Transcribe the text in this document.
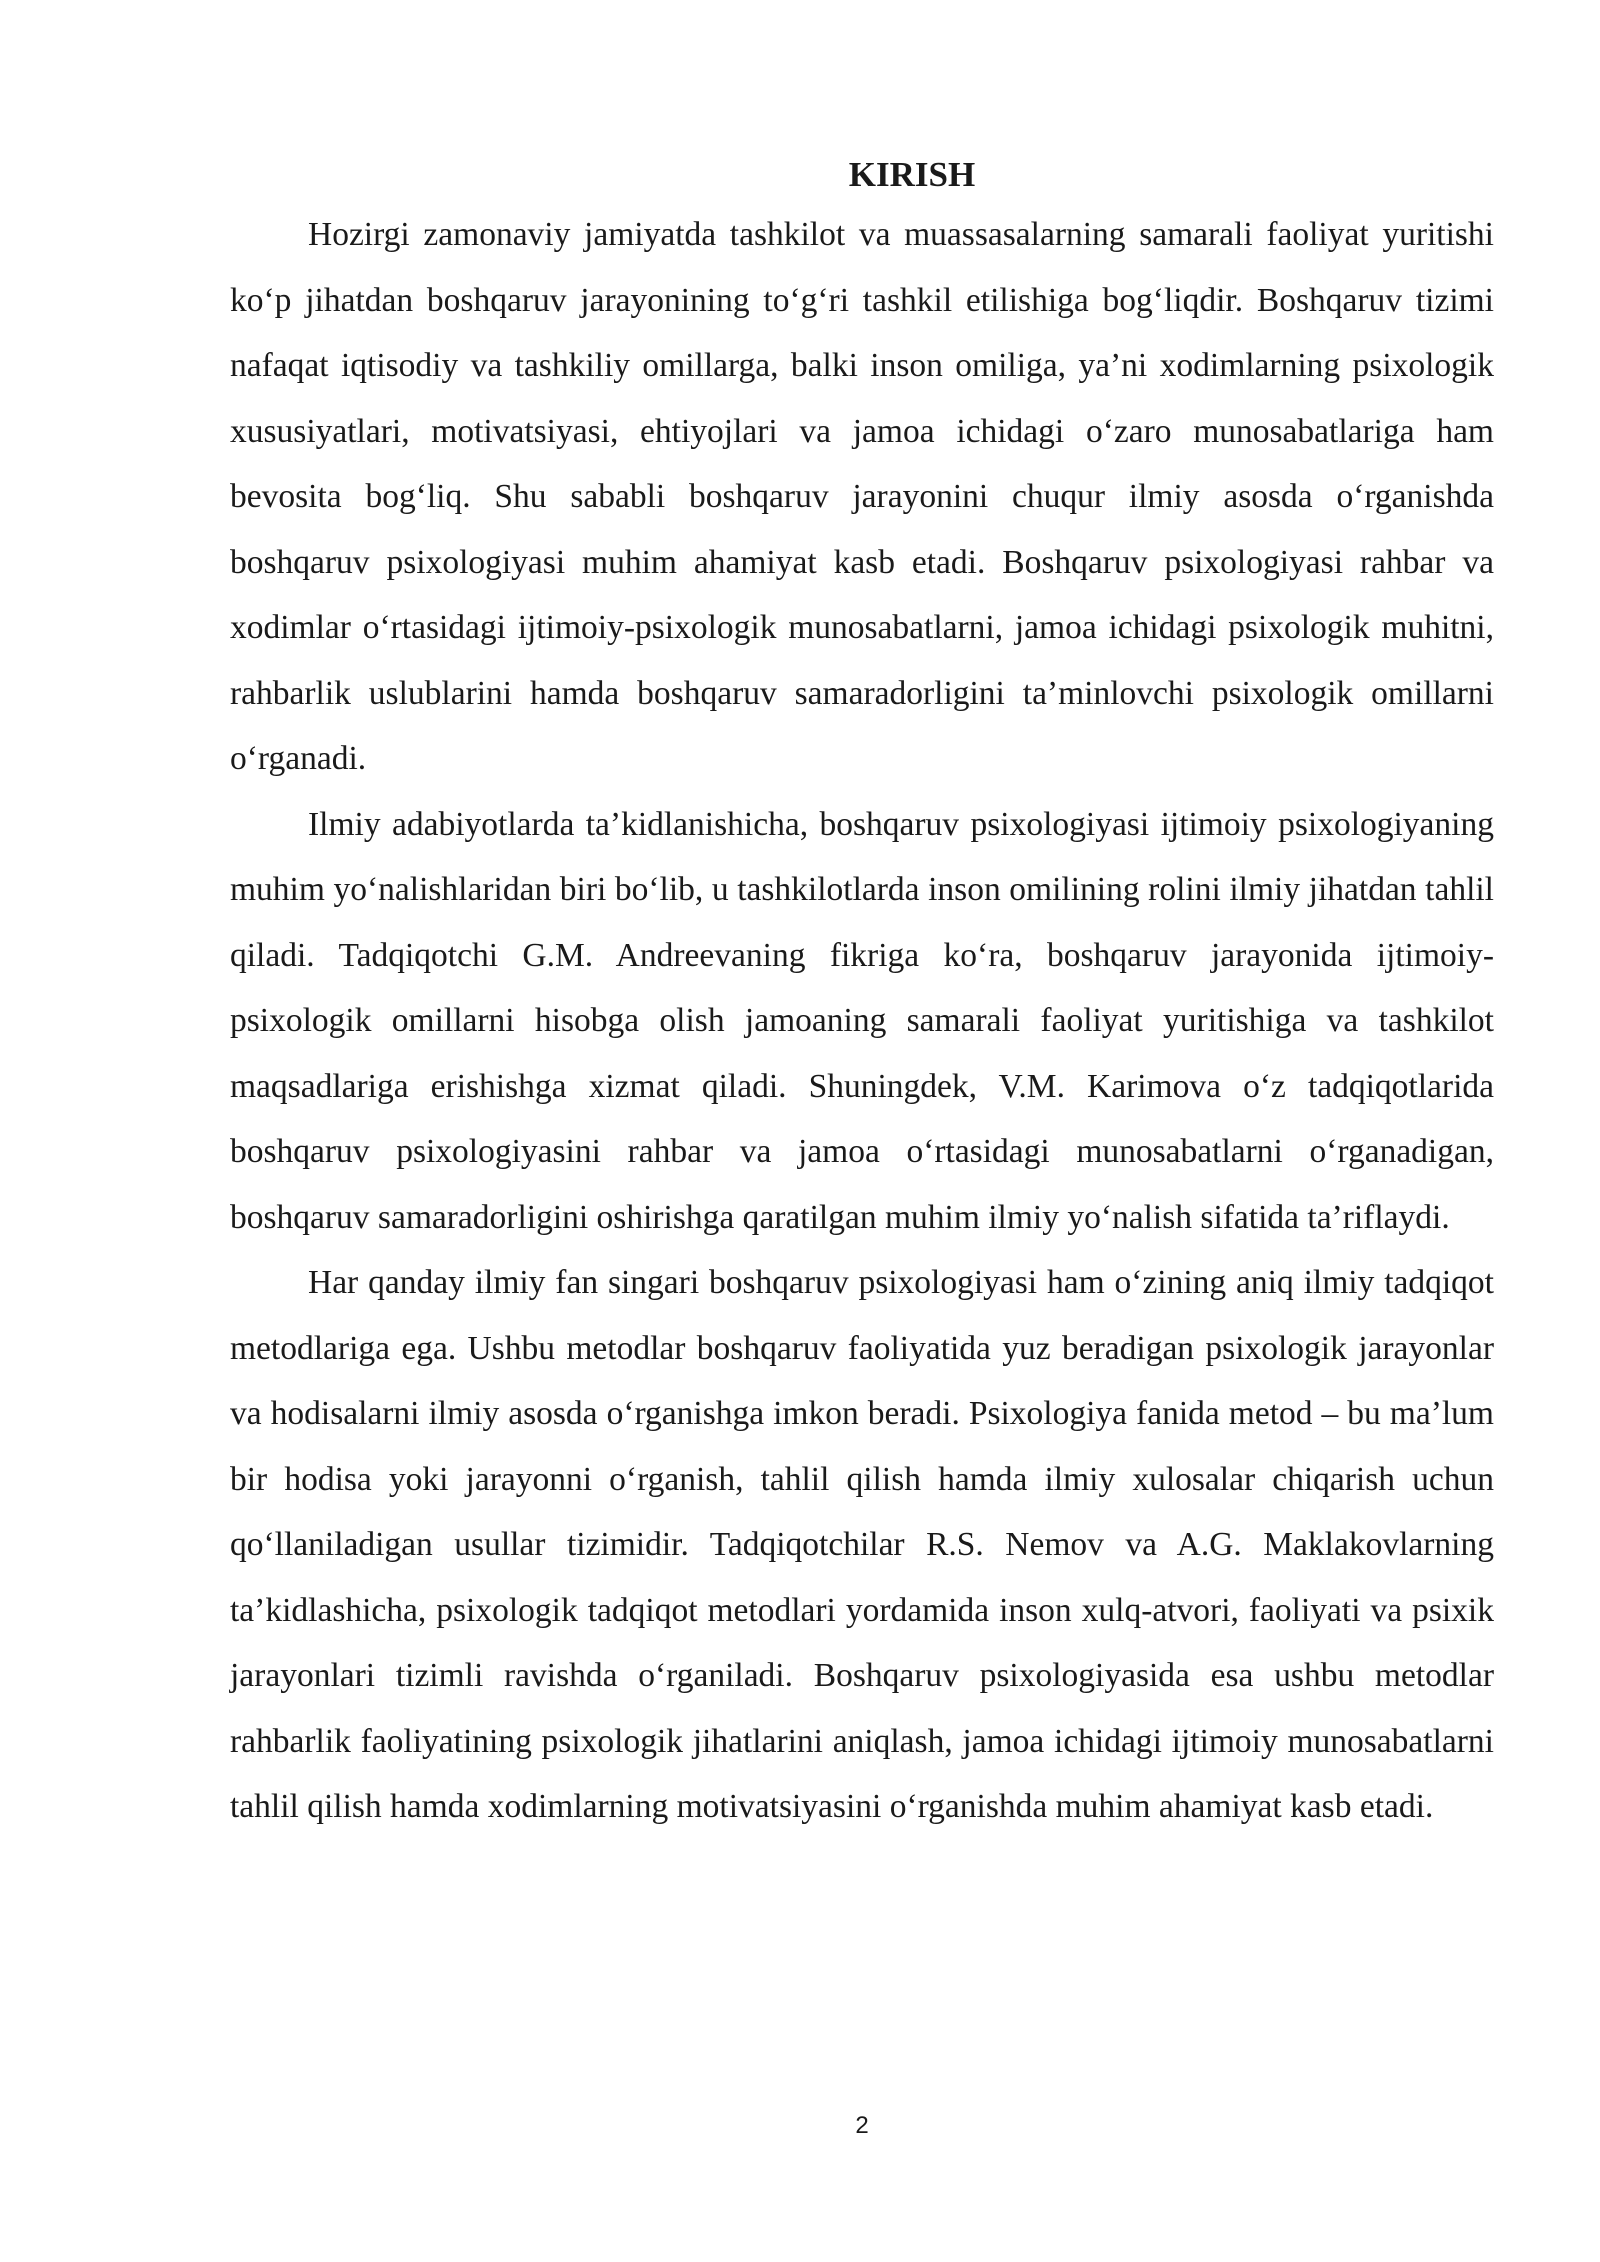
KIRISH

Hozirgi zamonaviy jamiyatda tashkilot va muassasalarning samarali faoliyat yuritishi ko‘p jihatdan boshqaruv jarayonining to‘g‘ri tashkil etilishiga bog‘liqdir. Boshqaruv tizimi nafaqat iqtisodiy va tashkiliy omillarga, balki inson omiliga, ya’ni xodimlarning psixologik xususiyatlari, motivatsiyasi, ehtiyojlari va jamoa ichidagi o‘zaro munosabatlariga ham bevosita bog‘liq. Shu sababli boshqaruv jarayonini chuqur ilmiy asosda o‘rganishda boshqaruv psixologiyasi muhim ahamiyat kasb etadi. Boshqaruv psixologiyasi rahbar va xodimlar o‘rtasidagi ijtimoiy-psixologik munosabatlarni, jamoa ichidagi psixologik muhitni, rahbarlik uslublarini hamda boshqaruv samaradorligini ta’minlovchi psixologik omillarni o‘rganadi.

Ilmiy adabiyotlarda ta’kidlanishicha, boshqaruv psixologiyasi ijtimoiy psixologiyaning muhim yo‘nalishlaridan biri bo‘lib, u tashkilotlarda inson omilining rolini ilmiy jihatdan tahlil qiladi. Tadqiqotchi G.M. Andreevaning fikriga ko‘ra, boshqaruv jarayonida ijtimoiy-psixologik omillarni hisobga olish jamoaning samarali faoliyat yuritishiga va tashkilot maqsadlariga erishishga xizmat qiladi. Shuningdek, V.M. Karimova o‘z tadqiqotlarida boshqaruv psixologiyasini rahbar va jamoa o‘rtasidagi munosabatlarni o‘rganadigan, boshqaruv samaradorligini oshirishga qaratilgan muhim ilmiy yo‘nalish sifatida ta’riflaydi.

Har qanday ilmiy fan singari boshqaruv psixologiyasi ham o‘zining aniq ilmiy tadqiqot metodlariga ega. Ushbu metodlar boshqaruv faoliyatida yuz beradigan psixologik jarayonlar va hodisalarni ilmiy asosda o‘rganishga imkon beradi. Psixologiya fanida metod – bu ma’lum bir hodisa yoki jarayonni o‘rganish, tahlil qilish hamda ilmiy xulosalar chiqarish uchun qo‘llaniladigan usullar tizimidir. Tadqiqotchilar R.S. Nemov va A.G. Maklakovlarning ta’kidlashicha, psixologik tadqiqot metodlari yordamida inson xulq-atvori, faoliyati va psixik jarayonlari tizimli ravishda o‘rganiladi. Boshqaruv psixologiyasida esa ushbu metodlar rahbarlik faoliyatining psixologik jihatlarini aniqlash, jamoa ichidagi ijtimoiy munosabatlarni tahlil qilish hamda xodimlarning motivatsiyasini o‘rganishda muhim ahamiyat kasb etadi.

2
